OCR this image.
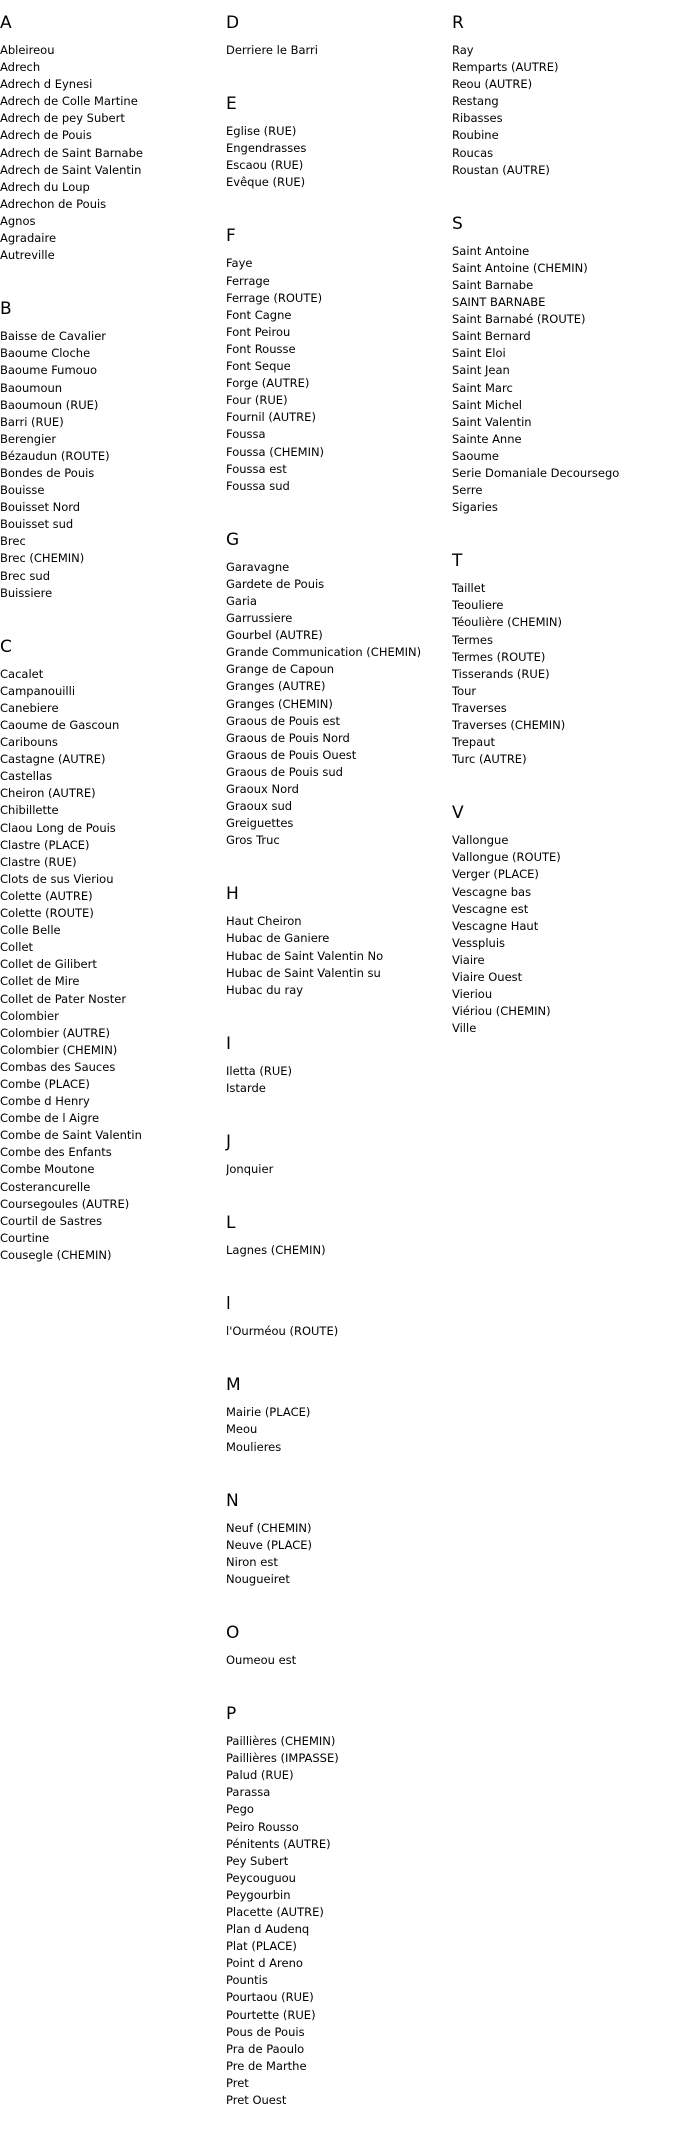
A
Ableireou
Adrech
Adrech d Eynesi
Adrech de Colle Martine
Adrech de pey Subert
Adrech de Pouis
Adrech de Saint Barnabe
Adrech de Saint Valentin
Adrech du Loup
Adrechon de Pouis
Agnos
Agradaire
Autreville
B
Baisse de Cavalier
Baoume Cloche
Baoume Fumouo
Baoumoun
Baoumoun (RUE)
Barri (RUE)
Berengier
Bézaudun (ROUTE)
Bondes de Pouis
Bouisse
Bouisset Nord
Bouisset sud
Brec
Brec (CHEMIN)
Brec sud
Buissiere
C
Cacalet
Campanouilli
Canebiere
Caoume de Gascoun
Caribouns
Castagne (AUTRE)
Castellas
Cheiron (AUTRE)
Chibillette
Claou Long de Pouis
Clastre (PLACE)
Clastre (RUE)
Clots de sus Vieriou
Colette (AUTRE)
Colette (ROUTE)
Colle Belle
Collet
Collet de Gilibert
Collet de Mire
Collet de Pater Noster
Colombier
Colombier (AUTRE)
Colombier (CHEMIN)
Combas des Sauces
Combe (PLACE)
Combe d Henry
Combe de l Aigre
Combe de Saint Valentin
Combe des Enfants
Combe Moutone
Costerancurelle
Coursegoules (AUTRE)
Courtil de Sastres
Courtine
Couseglе (CHEMIN)
D
Derriere le Barri
E
Eglise (RUE)
Engendrasses
Escaou (RUE)
Evêque (RUE)
F
Faye
Ferrage
Ferrage (ROUTE)
Font Cagne
Font Peirou
Font Rousse
Font Seque
Forge (AUTRE)
Four (RUE)
Fournil (AUTRE)
Foussa
Foussa (CHEMIN)
Foussa est
Foussa sud
G
Garavagne
Gardete de Pouis
Garia
Garrussiere
Gourbel (AUTRE)
Grande Communication (CHEMIN)
Grange de Capoun
Granges (AUTRE)
Granges (CHEMIN)
Graous de Pouis est
Graous de Pouis Nord
Graous de Pouis Ouest
Graous de Pouis sud
Graoux Nord
Graoux sud
Greiguettes
Gros Truc
H
Haut Cheiron
Hubac de Ganiere
Hubac de Saint Valentin No
Hubac de Saint Valentin su
Hubac du ray
I
Iletta (RUE)
Istarde
J
Jonquier
L
Lagnes (CHEMIN)
l
l'Ourméou (ROUTE)
M
Mairie (PLACE)
Meou
Moulieres
N
Neuf (CHEMIN)
Neuve (PLACE)
Niron est
Nougueiret
O
Oumeou est
P
Paillières (CHEMIN)
Paillières (IMPASSE)
Palud (RUE)
Parassa
Pego
Peiro Rousso
Pénitents (AUTRE)
Pey Subert
Peycouguou
Peygourbin
Placette (AUTRE)
Plan d Audenq
Plat (PLACE)
Point d Areno
Pountis
Pourtaou (RUE)
Pourtette (RUE)
Pous de Pouis
Pra de Paoulo
Pre de Marthe
Pret
Pret Ouest
R
Ray
Remparts (AUTRE)
Reou (AUTRE)
Restang
Ribasses
Roubine
Roucas
Roustan (AUTRE)
S
Saint Antoine
Saint Antoine (CHEMIN)
Saint Barnabe
SAINT BARNABE
Saint Barnabé (ROUTE)
Saint Bernard
Saint Eloi
Saint Jean
Saint Marc
Saint Michel
Saint Valentin
Sainte Anne
Saoume
Serie Domaniale Decoursego
Serre
Sigaries
T
Taillet
Teouliere
Téoulière (CHEMIN)
Termes
Termes (ROUTE)
Tisserands (RUE)
Tour
Traverses
Traverses (CHEMIN)
Trepaut
Turc (AUTRE)
V
Vallongue
Vallongue (ROUTE)
Verger (PLACE)
Vescagne bas
Vescagne est
Vescagne Haut
Vesspluis
Viaire
Viaire Ouest
Vieriou
Viériou (CHEMIN)
Ville
